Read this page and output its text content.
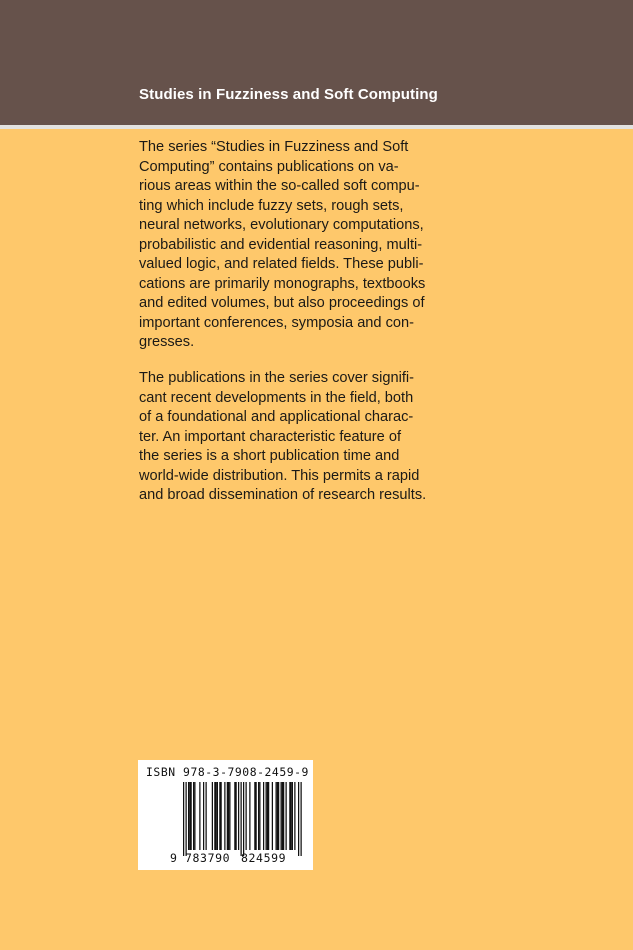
Studies in Fuzziness and Soft Computing
The series “Studies in Fuzziness and Soft
Computing” contains publications on va-
rious areas within the so-called soft compu-
ting which include fuzzy sets, rough sets,
neural networks, evolutionary computations,
probabilistic and evidential reasoning, multi-
valued logic, and related fields. These publi-
cations are primarily monographs, textbooks
and edited volumes, but also proceedings of
important conferences, symposia and con-
gresses.
The publications in the series cover signifi-
cant recent developments in the field, both
of a foundational and applicational charac-
ter. An important characteristic feature of
the series is a short publication time and
world-wide distribution. This permits a rapid
and broad dissemination of research results.
ISBN 978-3-7908-2459-9
9 783790 824599
